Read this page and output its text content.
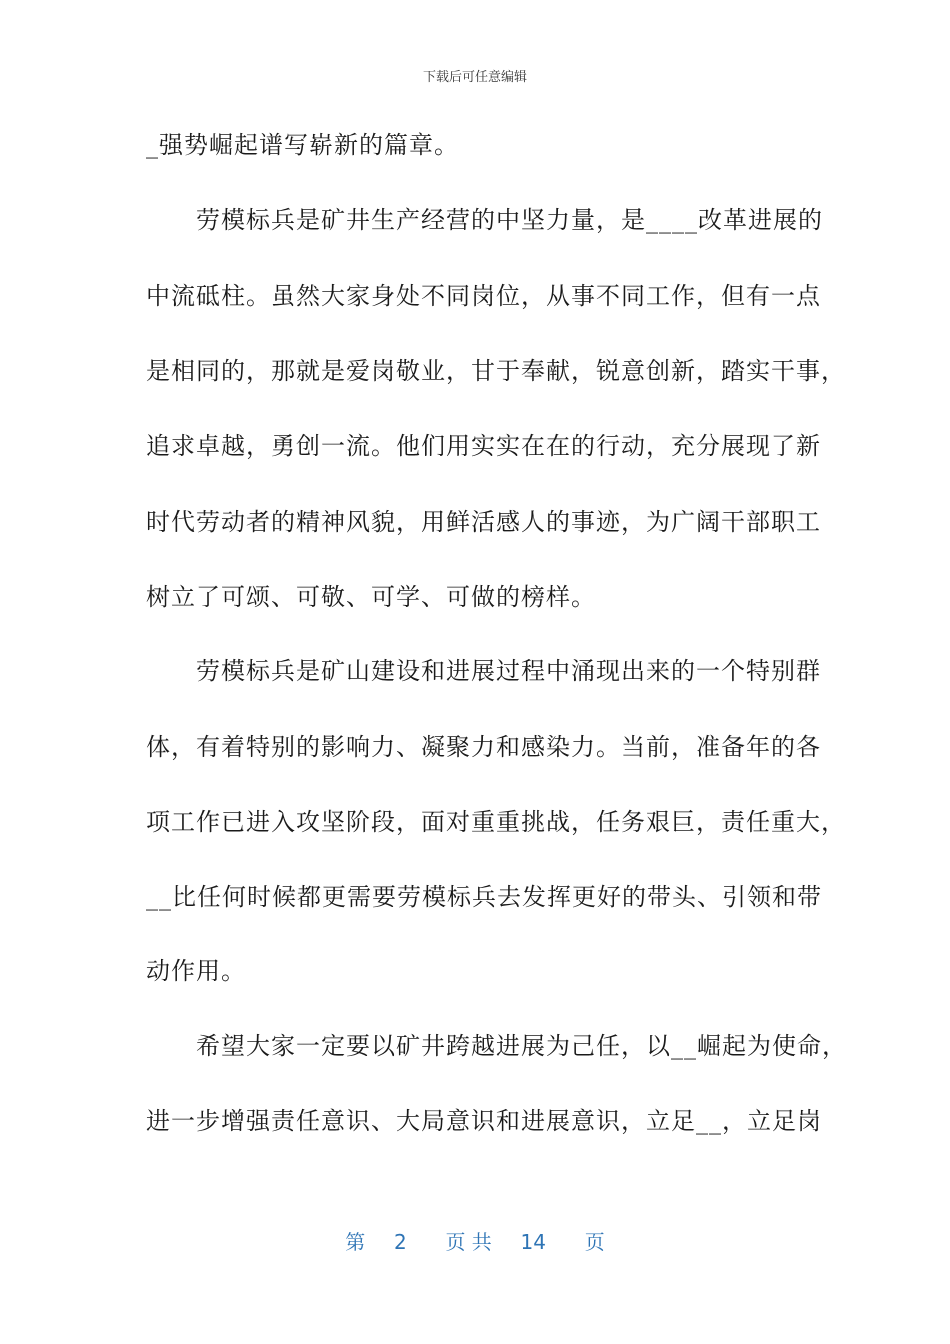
下载后可任意编辑
_强势崛起谱写崭新的篇章。
　　劳模标兵是矿井生产经营的中坚力量，是____改革进展的
中流砥柱。虽然大家身处不同岗位，从事不同工作，但有一点
是相同的，那就是爱岗敬业，甘于奉献，锐意创新，踏实干事，
追求卓越，勇创一流。他们用实实在在的行动，充分展现了新
时代劳动者的精神风貌，用鲜活感人的事迹，为广阔干部职工
树立了可颂、可敬、可学、可做的榜样。
　　劳模标兵是矿山建设和进展过程中涌现出来的一个特别群
体，有着特别的影响力、凝聚力和感染力。当前，准备年的各
项工作已进入攻坚阶段，面对重重挑战，任务艰巨，责任重大，
__比任何时候都更需要劳模标兵去发挥更好的带头、引领和带
动作用。
　　希望大家一定要以矿井跨越进展为己任，以__崛起为使命，
进一步增强责任意识、大局意识和进展意识，立足__，立足岗
第 2 页 共 14 页
